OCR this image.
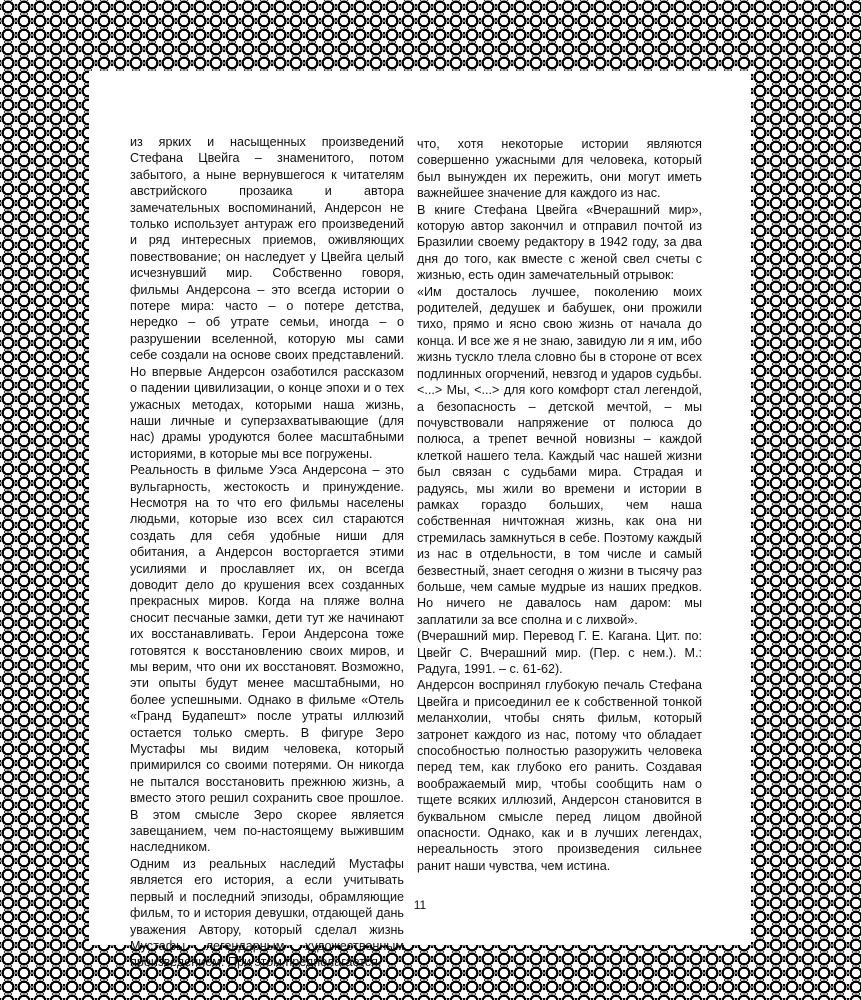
из ярких и насыщенных произведений Стефана Цвейга – знаменитого, потом забытого, а ныне вернувшегося к читателям австрийского прозаика и автора замечательных воспоминаний, Андерсон не только использует антураж его произведений и ряд интересных приемов, оживляющих повествование; он наследует у Цвейга целый исчезнувший мир. Собственно говоря, фильмы Андерсона – это всегда истории о потере мира: часто – о потере детства, нередко – об утрате семьи, иногда – о разрушении вселенной, которую мы сами себе создали на основе своих представлений. Но впервые Андерсон озаботился рассказом о падении цивилизации, о конце эпохи и о тех ужасных методах, которыми наша жизнь, наши личные и суперзахватывающие (для нас) драмы уродуются более масштабными историями, в которые мы все погружены.

Реальность в фильме Уэса Андерсона – это вульгарность, жестокость и принуждение. Несмотря на то что его фильмы населены людьми, которые изо всех сил стараются создать для себя удобные ниши для обитания, а Андерсон восторгается этими усилиями и прославляет их, он всегда доводит дело до крушения всех созданных прекрасных миров. Когда на пляже волна сносит песчаные замки, дети тут же начинают их восстанавливать. Герои Андерсона тоже готовятся к восстановлению своих миров, и мы верим, что они их восстановят. Возможно, эти опыты будут менее масштабными, но более успешными. Однако в фильме «Отель «Гранд Будапешт» после утраты иллюзий остается только смерть. В фигуре Зеро Мустафы мы видим человека, который примирился со своими потерями. Он никогда не пытался восстановить прежнюю жизнь, а вместо этого решил сохранить свое прошлое. В этом смысле Зеро скорее является завещанием, чем по-настоящему выжившим наследником.

Одним из реальных наследий Мустафы является его история, а если учитывать первый и последний эпизоды, обрамляющие фильм, то и история девушки, отдающей дань уважения Автору, который сделал жизнь Мустафы легендарным художественным произведением. При этом предполагается,

что, хотя некоторые истории являются совершенно ужасными для человека, который был вынужден их пережить, они могут иметь важнейшее значение для каждого из нас.

В книге Стефана Цвейга «Вчерашний мир», которую автор закончил и отправил почтой из Бразилии своему редактору в 1942 году, за два дня до того, как вместе с женой свел счеты с жизнью, есть один замечательный отрывок:

«Им досталось лучшее, поколению моих родителей, дедушек и бабушек, они прожили тихо, прямо и ясно свою жизнь от начала до конца. И все же я не знаю, завидую ли я им, ибо жизнь тускло тлела словно бы в стороне от всех подлинных огорчений, невзгод и ударов судьбы. <...> Мы, <...> для кого комфорт стал легендой, а безопасность – детской мечтой, – мы почувствовали напряжение от полюса до полюса, а трепет вечной новизны – каждой клеткой нашего тела. Каждый час нашей жизни был связан с судьбами мира. Страдая и радуясь, мы жили во времени и истории в рамках гораздо больших, чем наша собственная ничтожная жизнь, как она ни стремилась замкнуться в себе. Поэтому каждый из нас в отдельности, в том числе и самый безвестный, знает сегодня о жизни в тысячу раз больше, чем самые мудрые из наших предков. Но ничего не давалось нам даром: мы заплатили за все сполна и с лихвой».

(Вчерашний мир. Перевод Г. Е. Кагана. Цит. по: Цвейг С. Вчерашний мир. (Пер. с нем.). М.: Радуга, 1991. – с. 61-62).

Андерсон воспринял глубокую печаль Стефана Цвейга и присоединил ее к собственной тонкой меланхолии, чтобы снять фильм, который затронет каждого из нас, потому что обладает способностью полностью разоружить человека перед тем, как глубоко его ранить. Создавая воображаемый мир, чтобы сообщить нам о тщете всяких иллюзий, Андерсон становится в буквальном смысле перед лицом двойной опасности. Однако, как и в лучших легендах, нереальность этого произведения сильнее ранит наши чувства, чем истина.

11
